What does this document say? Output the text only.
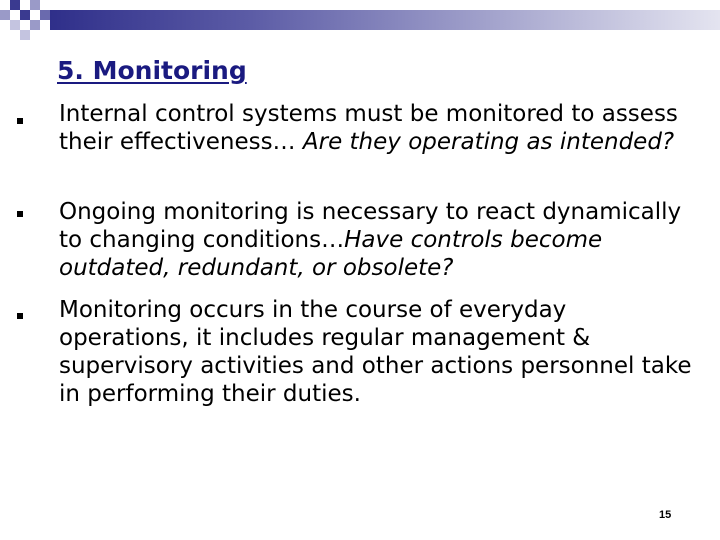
5. Monitoring
Internal control systems must be monitored to assess their effectiveness… Are they operating as intended?
Ongoing monitoring is necessary to react dynamically to changing conditions…Have controls become outdated, redundant, or obsolete?
Monitoring occurs in the course of everyday operations, it includes regular management & supervisory activities and other actions personnel take in performing their duties.
15
